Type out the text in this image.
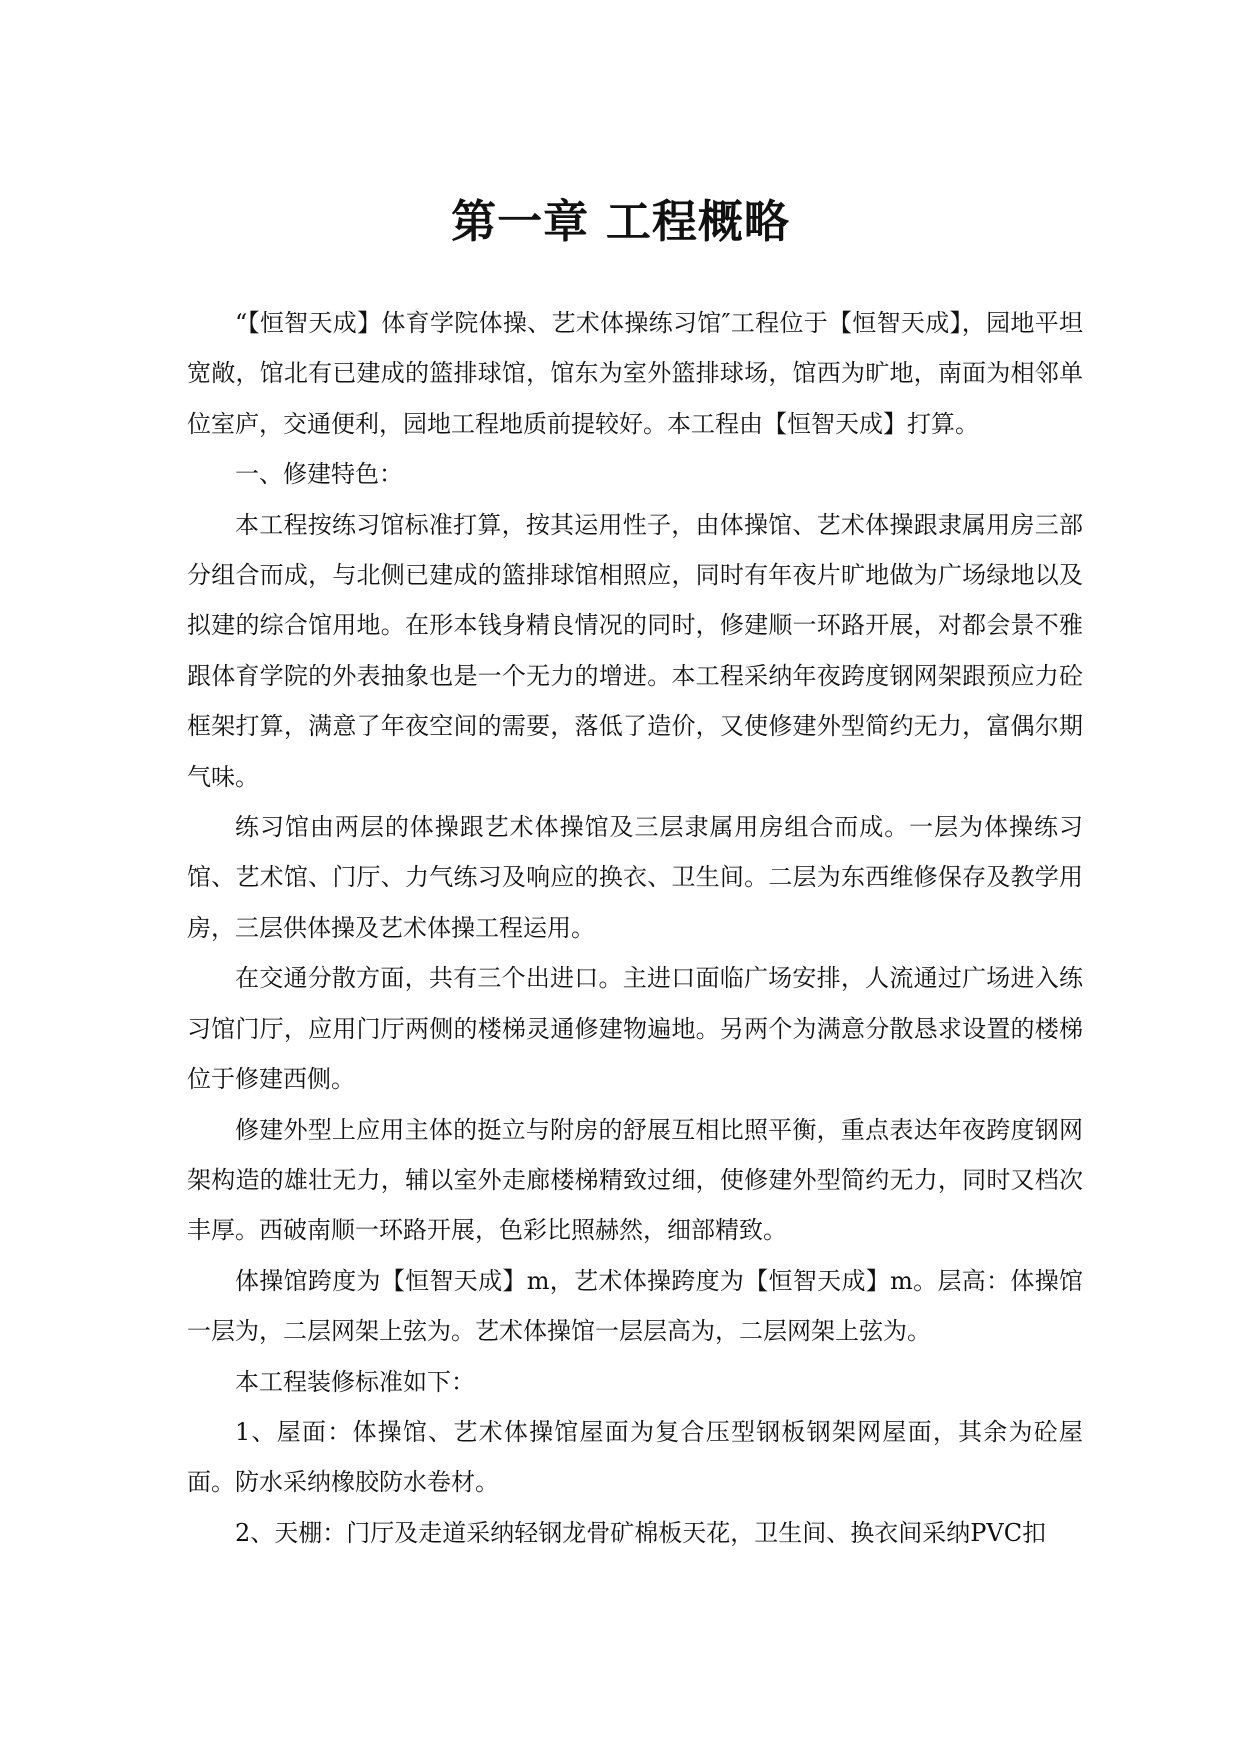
第一章 工程概略

“【恒智天成】体育学院体操、艺术体操练习馆″工程位于【恒智天成】，园地平坦宽敞，馆北有已建成的篮排球馆，馆东为室外篮排球场，馆西为旷地，南面为相邻单位室庐，交通便利，园地工程地质前提较好。本工程由【恒智天成】打算。

一、修建特色：

本工程按练习馆标准打算，按其运用性子，由体操馆、艺术体操跟隶属用房三部分组合而成，与北侧已建成的篮排球馆相照应，同时有年夜片旷地做为广场绿地以及拟建的综合馆用地。在形本钱身精良情况的同时，修建顺一环路开展，对都会景不雅跟体育学院的外表抽象也是一个无力的增进。本工程采纳年夜跨度钢网架跟预应力砼框架打算，满意了年夜空间的需要，落低了造价，又使修建外型简约无力，富偶尔期气味。

练习馆由两层的体操跟艺术体操馆及三层隶属用房组合而成。一层为体操练习馆、艺术馆、门厅、力气练习及响应的换衣、卫生间。二层为东西维修保存及教学用房，三层供体操及艺术体操工程运用。

在交通分散方面，共有三个出进口。主进口面临广场安排，人流通过广场进入练习馆门厅，应用门厅两侧的楼梯灵通修建物遍地。另两个为满意分散恳求设置的楼梯位于修建西侧。

修建外型上应用主体的挺立与附房的舒展互相比照平衡，重点表达年夜跨度钢网架构造的雄壮无力，辅以室外走廊楼梯精致过细，使修建外型简约无力，同时又档次丰厚。西破南顺一环路开展，色彩比照赫然，细部精致。

体操馆跨度为【恒智天成】m，艺术体操跨度为【恒智天成】m。层高：体操馆一层为，二层网架上弦为。艺术体操馆一层层高为，二层网架上弦为。

本工程装修标准如下：

1、屋面：体操馆、艺术体操馆屋面为复合压型钢板钢架网屋面，其余为砼屋面。防水采纳橡胶防水卷材。

2、天棚：门厅及走道采纳轻钢龙骨矿棉板天花，卫生间、换衣间采纳PVC扣
